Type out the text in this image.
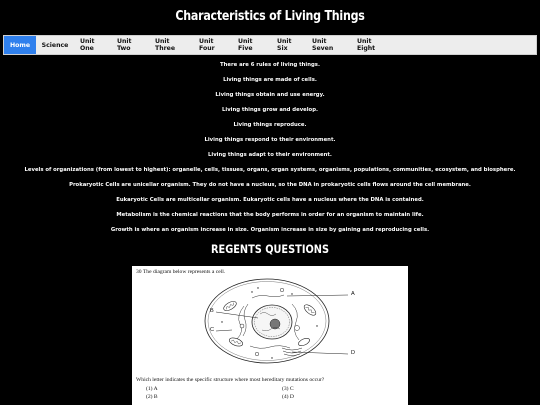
Characteristics of Living Things
Home	Science	Unit One
Unit Two
Unit Three
Unit Four
Unit Five
Unit Six
Unit Seven
Unit Eight
There are 6 rules of living things.
Living things are made of cells.
Living things obtain and use energy.
Living things grow and develop.
Living things reproduce.
Living things respond to their environment.
Living things adapt to their environment.
Levels of organizations (from lowest to highest): organelle, cells, tissues, organs, organ systems, organisms, populations, communities, ecosystem, and biosphere.
Prokaryotic Cells are unicellar organism. They do not have a nucleus, so the DNA in prokaryotic cells flows around the cell membrane.
Eukaryotic Cells are multicellar organism. Eukaryotic cells have a nucleus where the DNA is contained.
Metabolism is the chemical reactions that the body performs in order for an organism to maintain life.
Growth is where an organism increase in size. Organism increase in size by gaining and reproducing cells.
REGENTS QUESTIONS
30 The diagram below represents a cell.
A
B
C
D
Which letter indicates the specific structure where most hereditary mutations occur?
(1) A	(3) C
(2) B	(4) D
